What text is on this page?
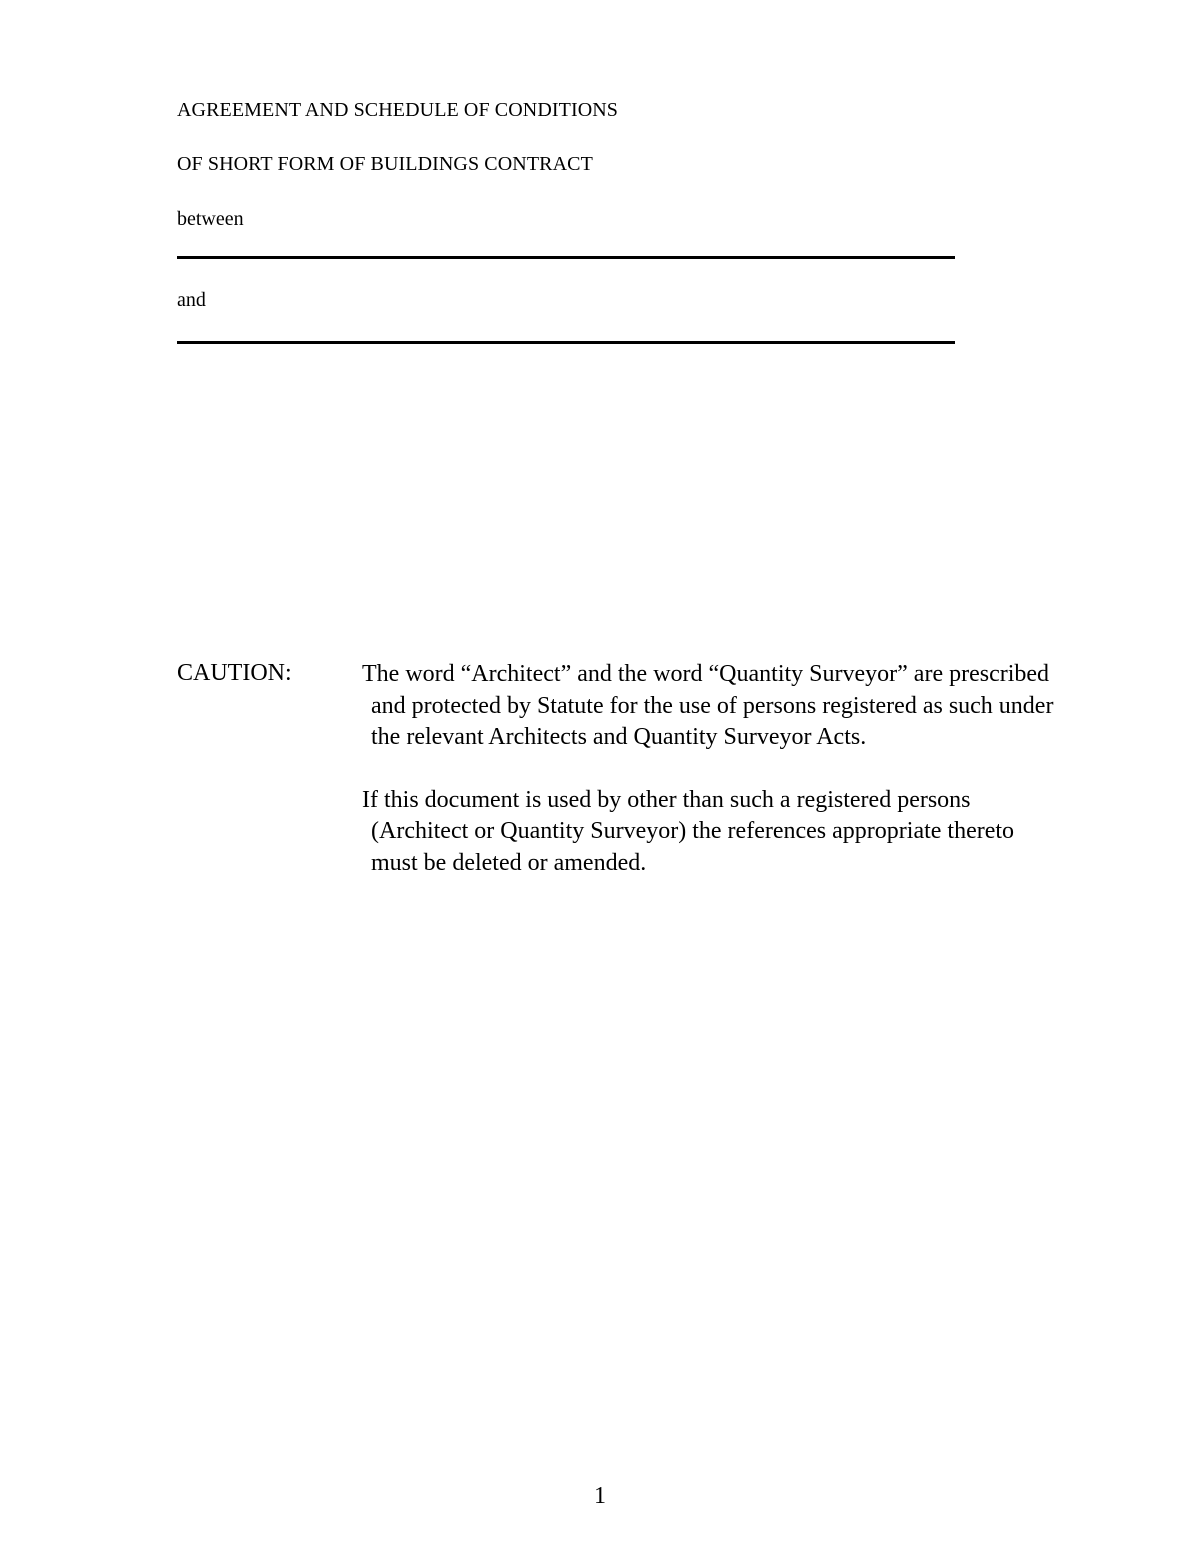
AGREEMENT AND SCHEDULE OF CONDITIONS
OF SHORT FORM OF BUILDINGS CONTRACT
between
and
CAUTION:	The word “Architect” and the word “Quantity Surveyor” are prescribed and protected by Statute for the use of persons registered as such under the relevant Architects and Quantity Surveyor Acts.

If this document is used by other than such a registered persons (Architect or Quantity Surveyor) the references appropriate thereto must be deleted or amended.

1
